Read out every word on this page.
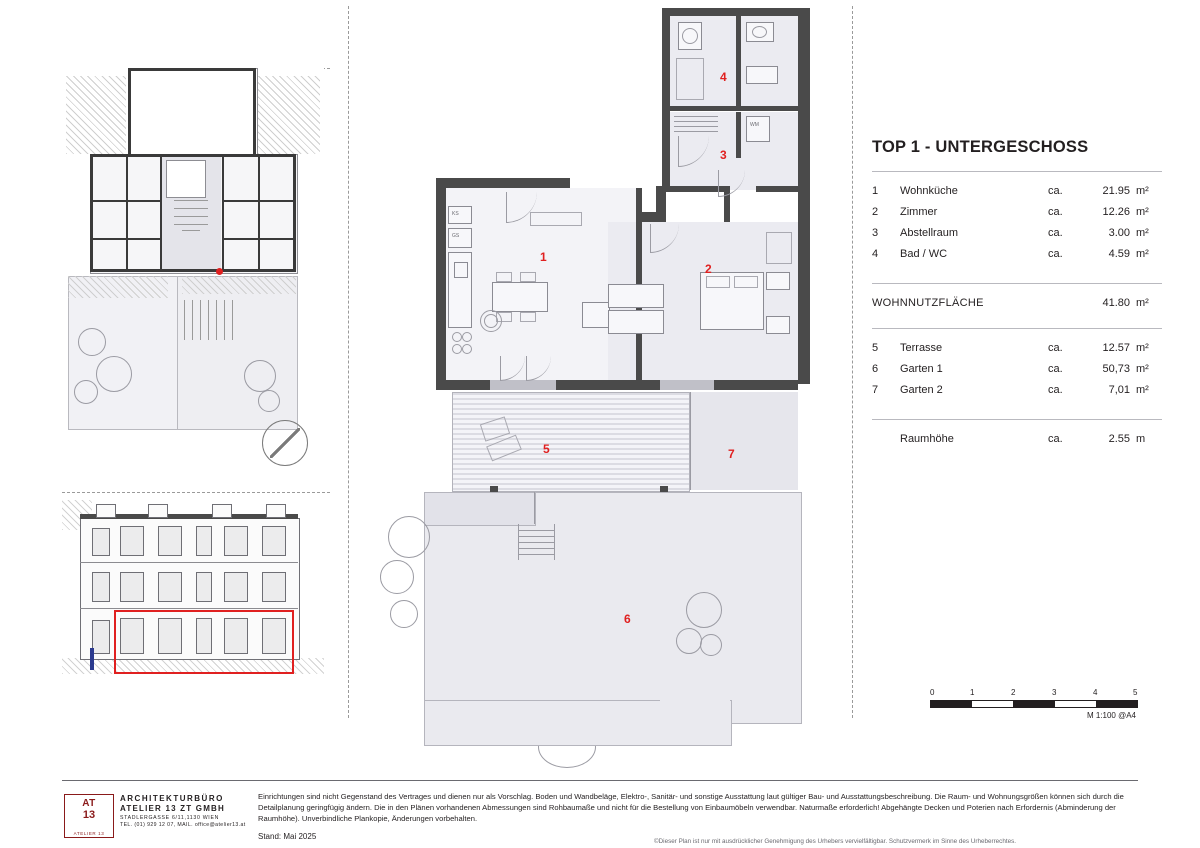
WM
4
3
KS
GS
1
2
5	7
6
TOP 1 - UNTERGESCHOSS
1	Wohnküche	ca.	21.95 m²
2	Zimmer	ca.	12.26 m²
3	Abstellraum	ca.	3.00 m²
4	Bad / WC	ca.	4.59 m²
WOHNNUTZFLÄCHE	41.80 m²
5	Terrasse	ca.	12.57 m²
6	Garten 1	ca.	50,73 m²
7	Garten 2	ca.	7,01 m²
Raumhöhe	ca.	2.55 m
0	1	2	3	4	5
M 1:100 @A4
AT
13
ATELIER 13
ARCHITEKTURBÜRO
ATELIER 13 ZT GMBH
STADLERGASSE 6/11,1130 WIEN
TEL. (01) 929 12 07, MAIL. office@atelier13.at
Einrichtungen sind nicht Gegenstand des Vertrages und dienen nur als Vorschlag. Boden und Wandbeläge, Elektro-, Sanitär- und sonstige Ausstattung laut gültiger Bau- und Ausstattungsbeschreibung. Die Raum- und Wohnungsgrößen können sich durch die Detailplanung geringfügig ändern. Die in den Plänen vorhandenen Abmessungen sind Rohbaumaße und nicht für die Bestellung von Einbaumöbeln verwendbar. Naturmaße erforderlich! Abgehängte Decken und Poterien nach Erfordernis (Abminderung der Raumhöhe). Unverbindliche Plankopie, Änderungen vorbehalten.
Stand: Mai 2025
©Dieser Plan ist nur mit ausdrücklicher Genehmigung des Urhebers vervielfältigbar. Schutzvermerk im Sinne des Urheberrechtes.
